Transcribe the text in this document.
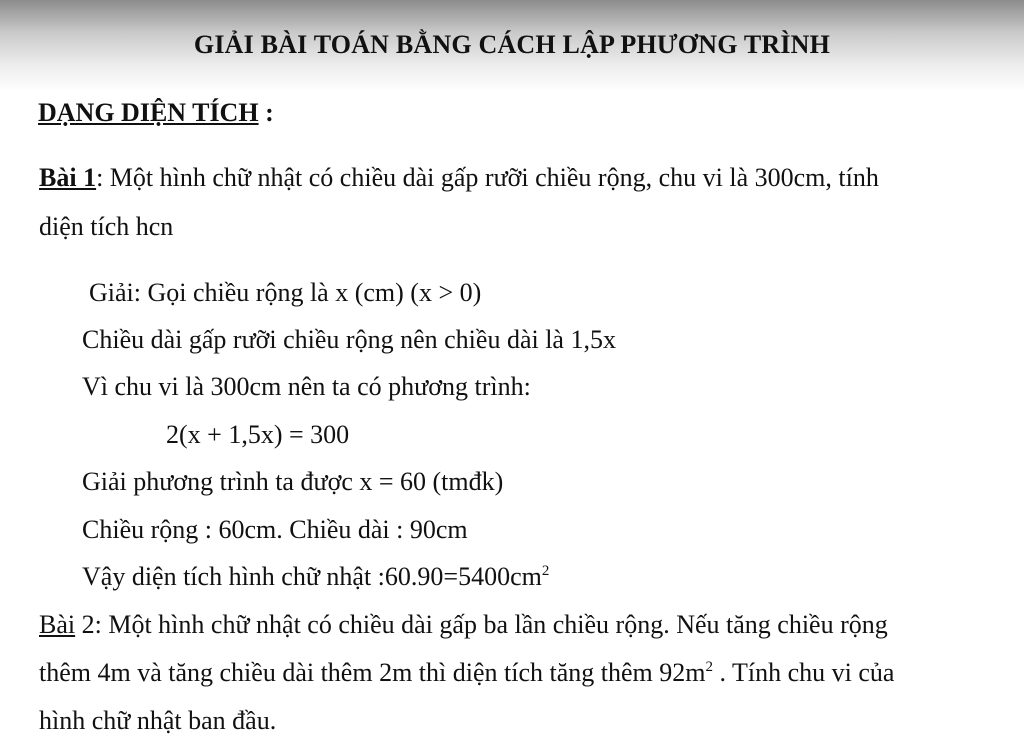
GIẢI BÀI TOÁN BẰNG CÁCH LẬP PHƯƠNG TRÌNH
DẠNG DIỆN TÍCH :
Bài 1: Một hình chữ nhật có chiều dài gấp rưỡi chiều rộng, chu vi là 300cm, tính
diện tích hcn
Giải: Gọi chiều rộng là x (cm) (x > 0)
Chiều dài gấp rưỡi chiều rộng nên chiều dài là 1,5x
Vì chu vi là 300cm nên ta có phương trình:
2(x + 1,5x) = 300
Giải phương trình ta được x = 60 (tmđk)
Chiều rộng : 60cm. Chiều dài : 90cm
Vậy diện tích hình chữ nhật $:60.90=5400cm^2$
Bài 2: Một hình chữ nhật có chiều dài gấp ba lần chiều rộng. Nếu tăng chiều rộng
thêm 4m và tăng chiều dài thêm 2m thì diện tích tăng thêm $92m^2$ . Tính chu vi của
hình chữ nhật ban đầu.
